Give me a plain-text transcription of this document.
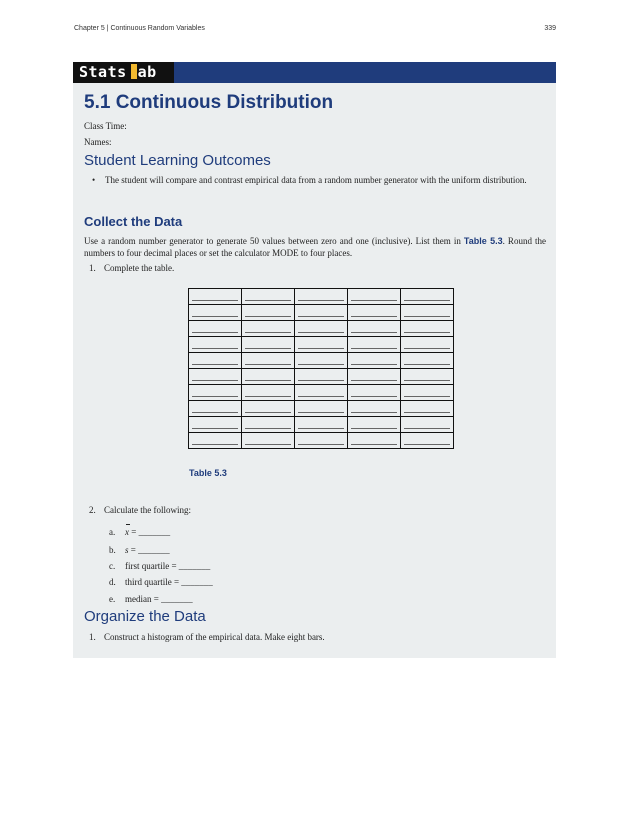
Chapter 5 | Continuous Random Variables	339
Stats ab
5.1 Continuous Distribution
Class Time:
Names:
Student Learning Outcomes
• The student will compare and contrast empirical data from a random number generator with the uniform distribution.
Collect the Data
Use a random number generator to generate 50 values between zero and one (inclusive). List them in Table 5.3. Round the numbers to four decimal places or set the calculator MODE to four places.
1. Complete the table.

Table 5.3
2. Calculate the following:
a. x = _______
b. s = _______
c. first quartile = _______
d. third quartile = _______
e. median = _______
Organize the Data
1. Construct a histogram of the empirical data. Make eight bars.
